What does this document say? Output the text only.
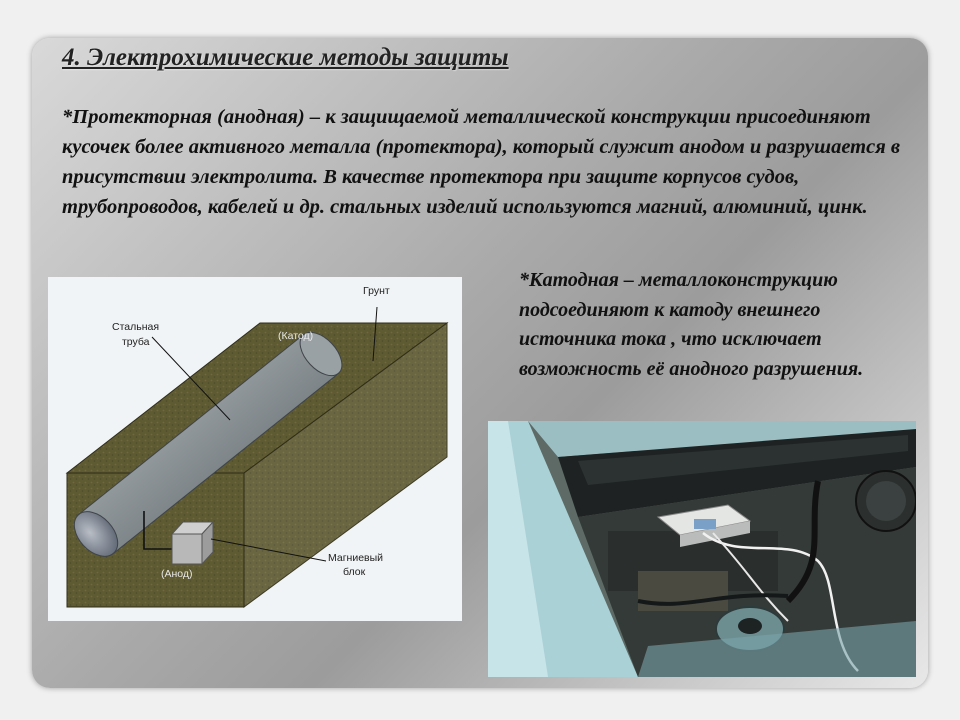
4. Электрохимические методы защиты
*Протекторная (анодная) – к защищаемой металлической конструкции присоединяют кусочек более активного металла (протектора), который служит анодом и разрушается в присутствии электролита. В качестве протектора при защите корпусов судов, трубопроводов, кабелей и др. стальных изделий используются магний, алюминий, цинк.
Грунт
Стальная
труба	(Катод)
(Анод)
Магниевый
блок
*Катодная – металлоконструкцию подсоединяют к катоду внешнего источника тока , что исключает возможность её анодного разрушения.
